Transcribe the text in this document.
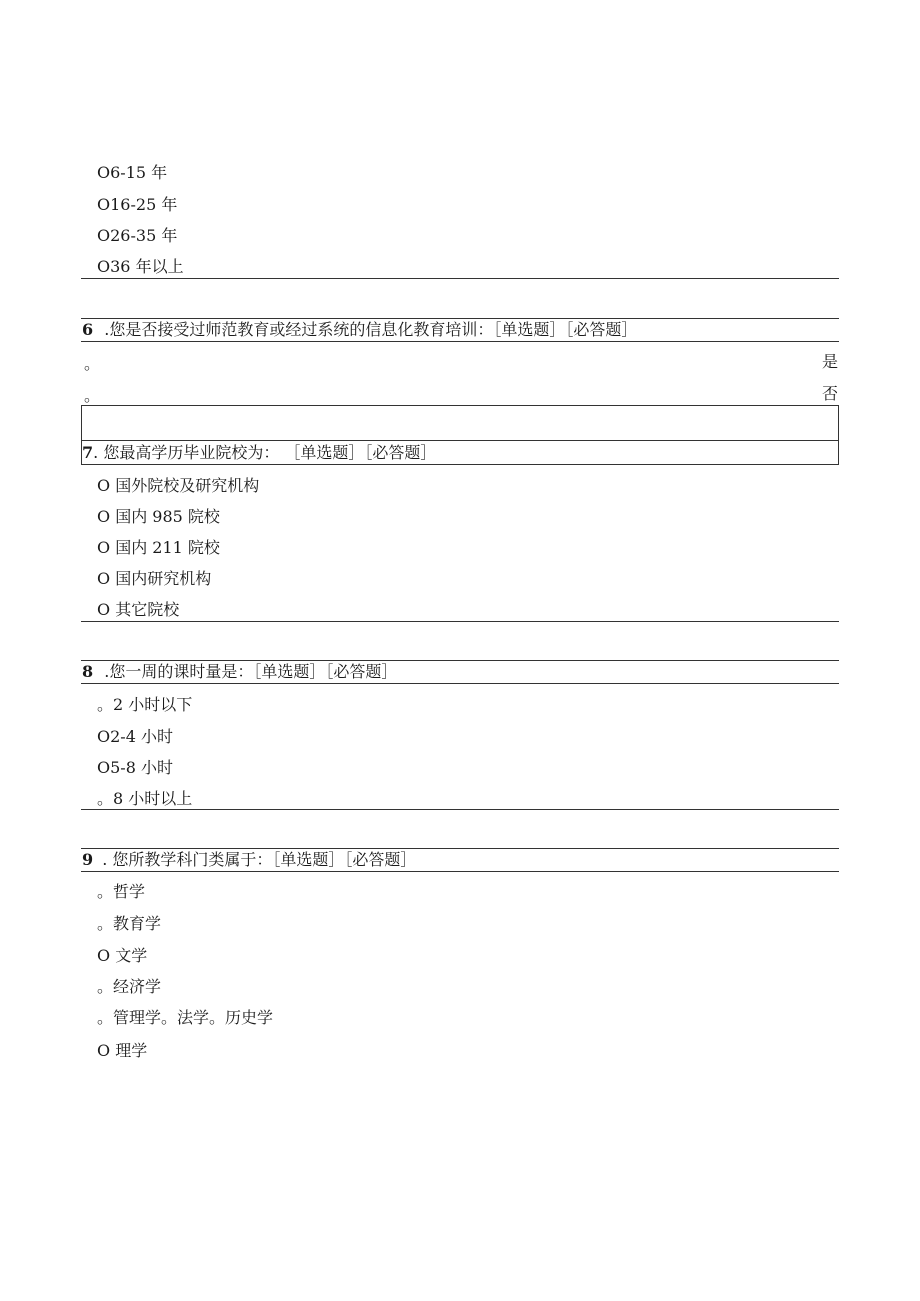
O6-15 年
O16-25 年
O26-35 年
O36 年以上
6 .您是否接受过师范教育或经过系统的信息化教育培训：［单选题］［必答题］
。	是
。	否
7. 您最高学历毕业院校为： ［单选题］［必答题］
O 国外院校及研究机构
O 国内 985 院校
O 国内 211 院校
O 国内研究机构
O 其它院校
8 .您一周的课时量是：［单选题］［必答题］
。2 小时以下
O2-4 小时
O5-8 小时
。8 小时以上
9 . 您所教学科门类属于：［单选题］［必答题］
。哲学
。教育学
O 文学
。经济学
。管理学。法学。历史学
O 理学
